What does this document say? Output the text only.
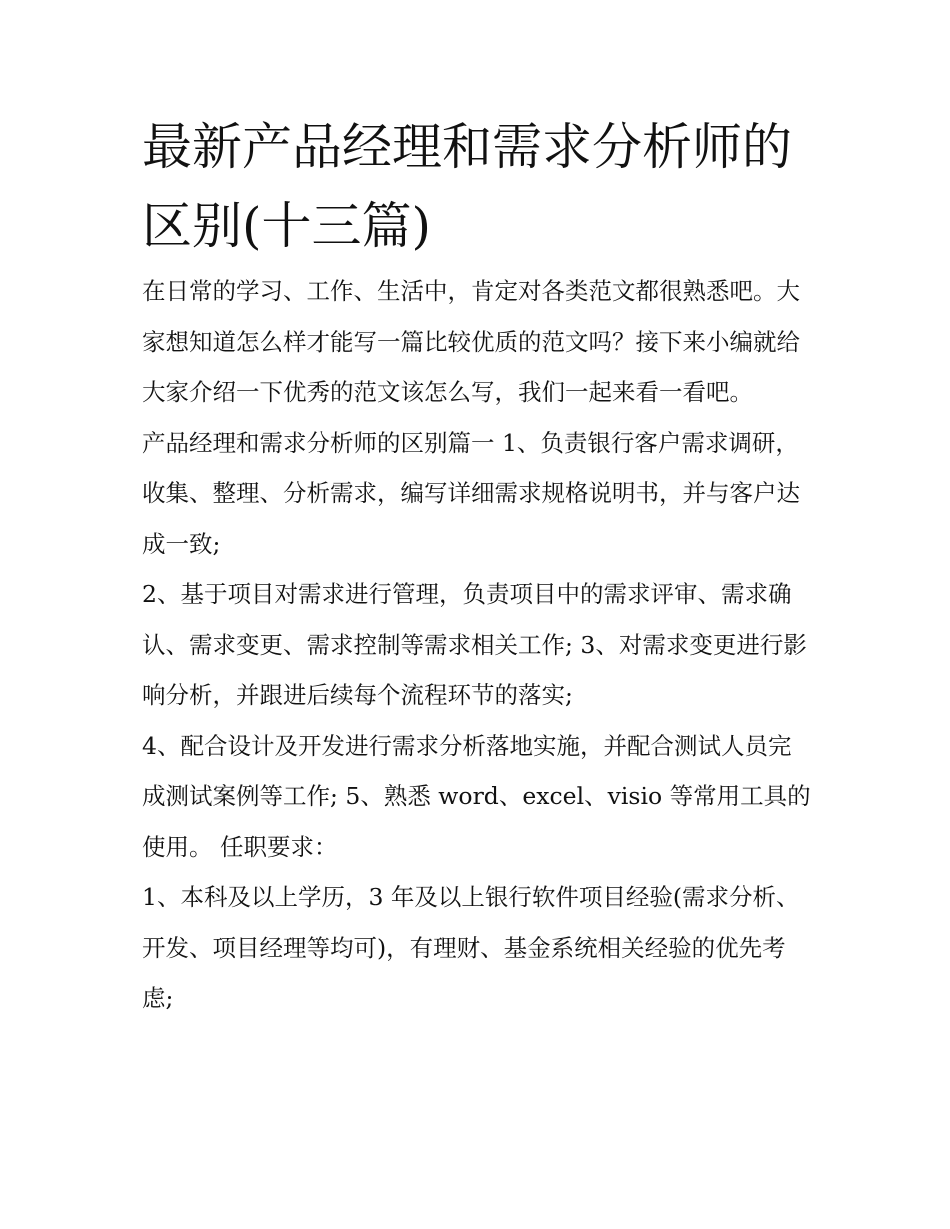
最新产品经理和需求分析师的区别(十三篇)

在日常的学习、工作、生活中，肯定对各类范文都很熟悉吧。大家想知道怎么样才能写一篇比较优质的范文吗？接下来小编就给大家介绍一下优秀的范文该怎么写，我们一起来看一看吧。

产品经理和需求分析师的区别篇一 1、负责银行客户需求调研，收集、整理、分析需求，编写详细需求规格说明书，并与客户达成一致;

2、基于项目对需求进行管理，负责项目中的需求评审、需求确认、需求变更、需求控制等需求相关工作; 3、对需求变更进行影响分析，并跟进后续每个流程环节的落实;

4、配合设计及开发进行需求分析落地实施，并配合测试人员完成测试案例等工作; 5、熟悉 word、excel、visio 等常用工具的使用。 任职要求：

1、本科及以上学历，3 年及以上银行软件项目经验(需求分析、开发、项目经理等均可)，有理财、基金系统相关经验的优先考虑;
